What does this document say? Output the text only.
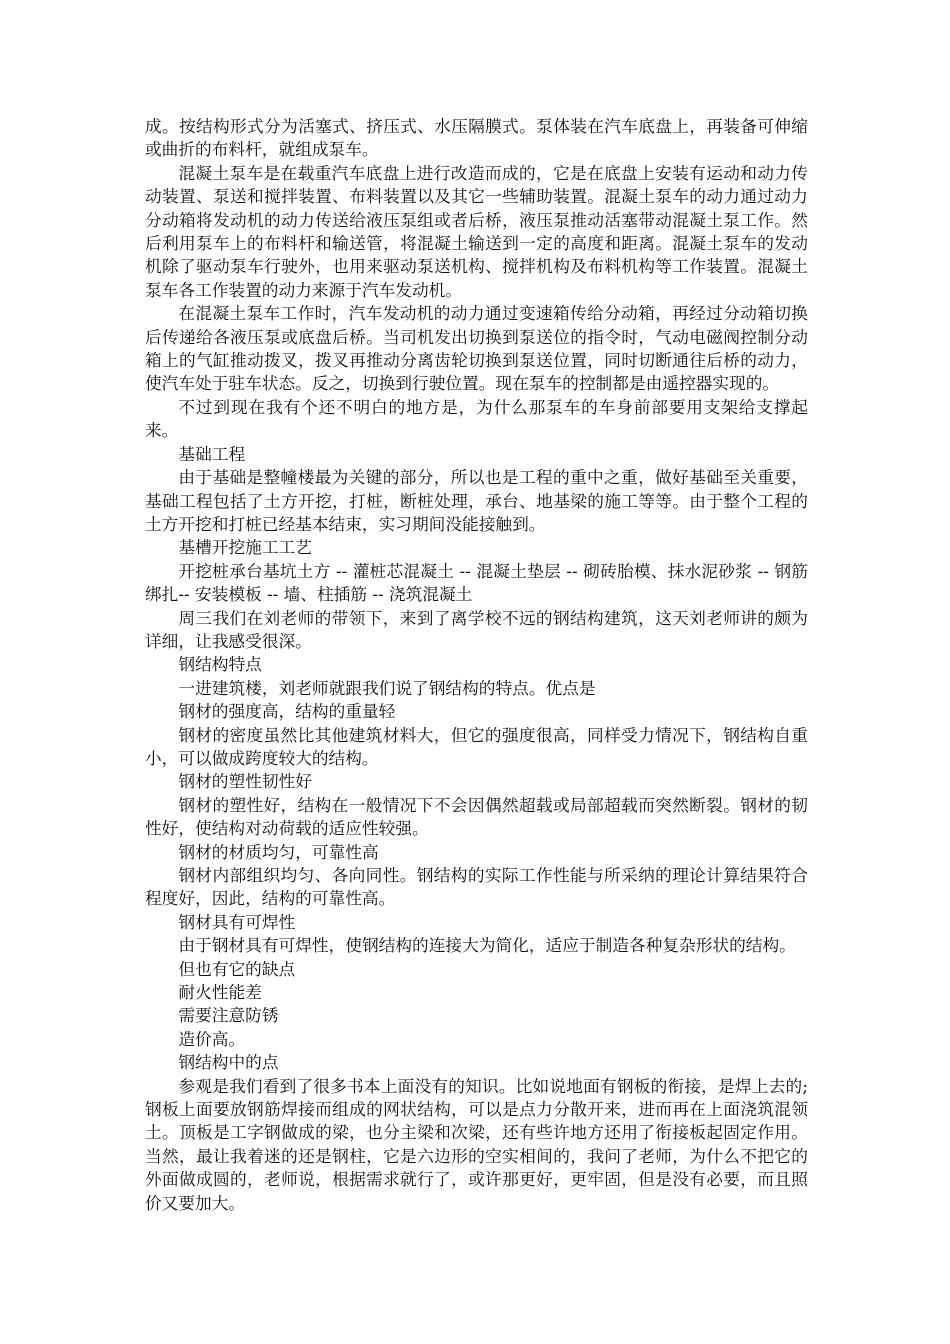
成。按结构形式分为活塞式、挤压式、水压隔膜式。泵体装在汽车底盘上，再装备可伸缩或曲折的布料杆，就组成泵车。

混凝土泵车是在载重汽车底盘上进行改造而成的，它是在底盘上安装有运动和动力传动装置、泵送和搅拌装置、布料装置以及其它一些辅助装置。混凝土泵车的动力通过动力分动箱将发动机的动力传送给液压泵组或者后桥，液压泵推动活塞带动混凝土泵工作。然后利用泵车上的布料杆和输送管，将混凝土输送到一定的高度和距离。混凝土泵车的发动机除了驱动泵车行驶外，也用来驱动泵送机构、搅拌机构及布料机构等工作装置。混凝土泵车各工作装置的动力来源于汽车发动机。

在混凝土泵车工作时，汽车发动机的动力通过变速箱传给分动箱，再经过分动箱切换后传递给各液压泵或底盘后桥。当司机发出切换到泵送位的指令时，气动电磁阀控制分动箱上的气缸推动拨叉，拨叉再推动分离齿轮切换到泵送位置，同时切断通往后桥的动力，使汽车处于驻车状态。反之，切换到行驶位置。现在泵车的控制都是由遥控器实现的。

不过到现在我有个还不明白的地方是，为什么那泵车的车身前部要用支架给支撑起来。

基础工程

由于基础是整幢楼最为关键的部分，所以也是工程的重中之重，做好基础至关重要，基础工程包括了土方开挖，打桩，断桩处理，承台、地基梁的施工等等。由于整个工程的土方开挖和打桩已经基本结束，实习期间没能接触到。

基槽开挖施工工艺

开挖桩承台基坑土方 -- 灌桩芯混凝土 -- 混凝土垫层 -- 砌砖胎模、抹水泥砂浆 -- 钢筋绑扎-- 安装模板 -- 墙、柱插筋 -- 浇筑混凝土

周三我们在刘老师的带领下，来到了离学校不远的钢结构建筑，这天刘老师讲的颇为详细，让我感受很深。

钢结构特点

一进建筑楼，刘老师就跟我们说了钢结构的特点。优点是

钢材的强度高，结构的重量轻

钢材的密度虽然比其他建筑材料大，但它的强度很高，同样受力情况下，钢结构自重小，可以做成跨度较大的结构。

钢材的塑性韧性好

钢材的塑性好，结构在一般情况下不会因偶然超载或局部超载而突然断裂。钢材的韧性好，使结构对动荷载的适应性较强。

钢材的材质均匀，可靠性高

钢材内部组织均匀、各向同性。钢结构的实际工作性能与所采纳的理论计算结果符合程度好，因此，结构的可靠性高。

钢材具有可焊性

由于钢材具有可焊性，使钢结构的连接大为简化，适应于制造各种复杂形状的结构。

但也有它的缺点

耐火性能差

需要注意防锈

造价高。

钢结构中的点

参观是我们看到了很多书本上面没有的知识。比如说地面有钢板的衔接，是焊上去的;钢板上面要放钢筋焊接而组成的网状结构，可以是点力分散开来，进而再在上面浇筑混领土。顶板是工字钢做成的梁，也分主梁和次梁，还有些许地方还用了衔接板起固定作用。当然，最让我着迷的还是钢柱，它是六边形的空实相间的，我问了老师，为什么不把它的外面做成圆的，老师说，根据需求就行了，或许那更好，更牢固，但是没有必要，而且照价又要加大。
